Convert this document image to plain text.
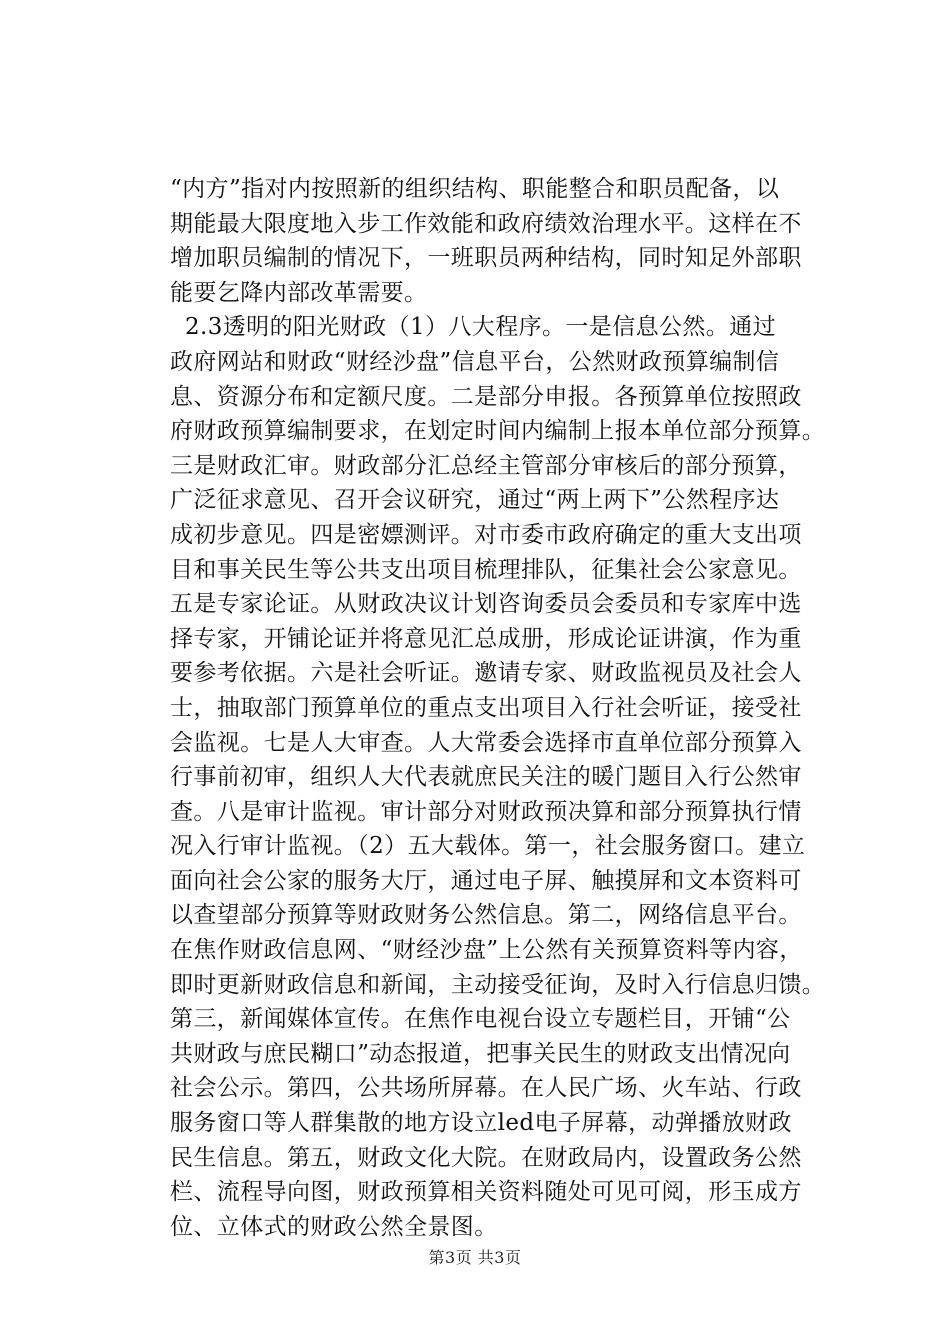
“内方”指对内按照新的组织结构、职能整合和职员配备，以
期能最大限度地入步工作效能和政府绩效治理水平。这样在不
增加职员编制的情况下，一班职员两种结构，同时知足外部职
能要乞降内部改革需要。
2.3透明的阳光财政（1）八大程序。一是信息公然。通过
政府网站和财政“财经沙盘”信息平台，公然财政预算编制信
息、资源分布和定额尺度。二是部分申报。各预算单位按照政
府财政预算编制要求，在划定时间内编制上报本单位部分预算。
三是财政汇审。财政部分汇总经主管部分审核后的部分预算，
广泛征求意见、召开会议研究，通过“两上两下”公然程序达
成初步意见。四是密嫖测评。对市委市政府确定的重大支出项
目和事关民生等公共支出项目梳理排队，征集社会公家意见。
五是专家论证。从财政决议计划咨询委员会委员和专家库中选
择专家，开铺论证并将意见汇总成册，形成论证讲演，作为重
要参考依据。六是社会听证。邀请专家、财政监视员及社会人
士，抽取部门预算单位的重点支出项目入行社会听证，接受社
会监视。七是人大审查。人大常委会选择市直单位部分预算入
行事前初审，组织人大代表就庶民关注的暖门题目入行公然审
查。八是审计监视。审计部分对财政预决算和部分预算执行情
况入行审计监视。（2）五大载体。第一，社会服务窗口。建立
面向社会公家的服务大厅，通过电子屏、触摸屏和文本资料可
以查望部分预算等财政财务公然信息。第二，网络信息平台。
在焦作财政信息网、“财经沙盘”上公然有关预算资料等内容，
即时更新财政信息和新闻，主动接受征询，及时入行信息归馈。
第三，新闻媒体宣传。在焦作电视台设立专题栏目，开铺“公
共财政与庶民糊口”动态报道，把事关民生的财政支出情况向
社会公示。第四，公共场所屏幕。在人民广场、火车站、行政
服务窗口等人群集散的地方设立led电子屏幕，动弹播放财政
民生信息。第五，财政文化大院。在财政局内，设置政务公然
栏、流程导向图，财政预算相关资料随处可见可阅，形玉成方
位、立体式的财政公然全景图。
第3页 共3页
